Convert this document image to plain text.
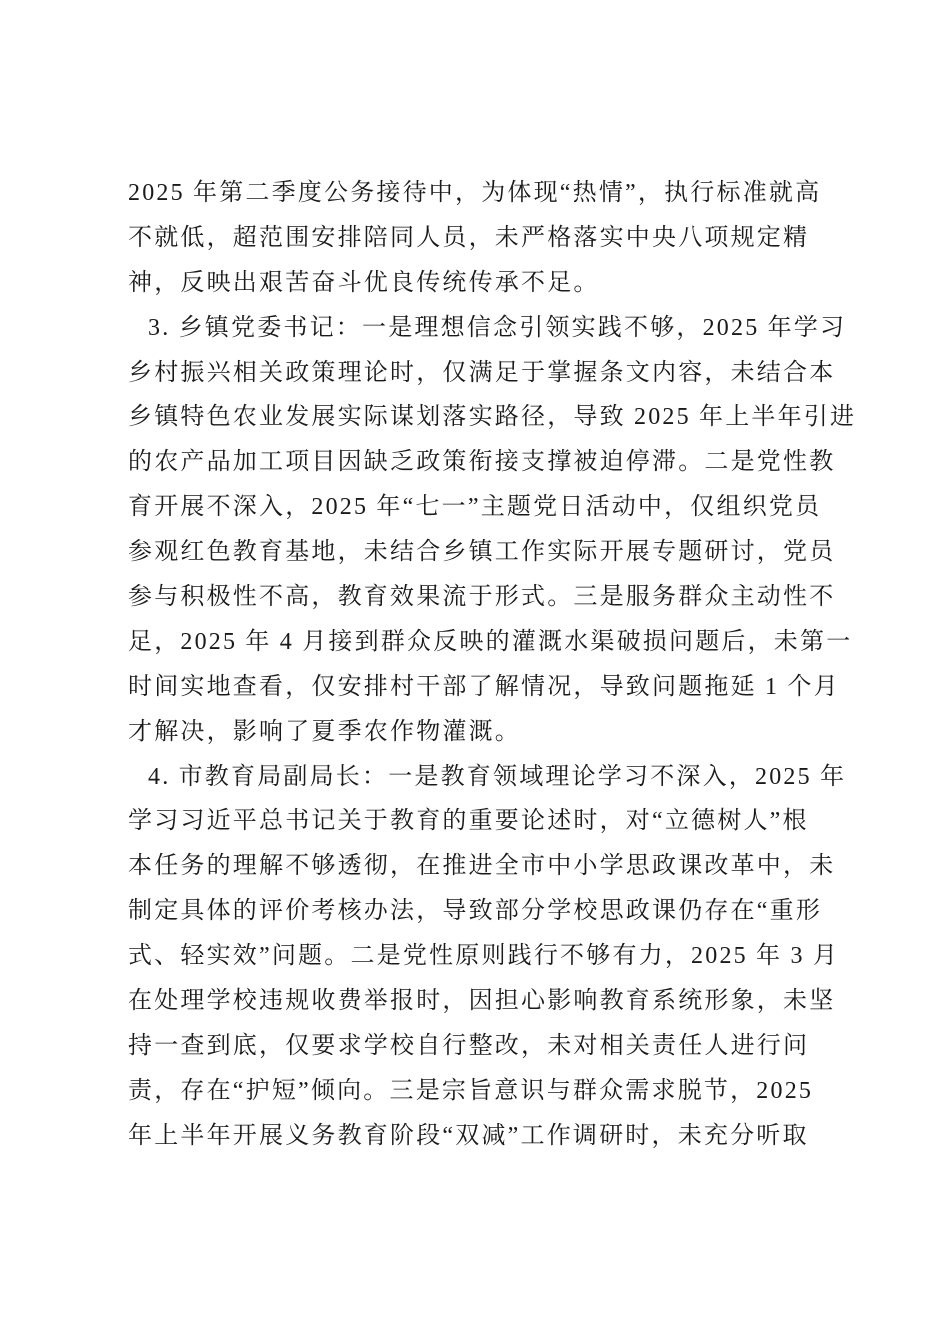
2025 年第二季度公务接待中，为体现“热情”，执行标准就高
不就低，超范围安排陪同人员，未严格落实中央八项规定精
神，反映出艰苦奋斗优良传统传承不足。
3. 乡镇党委书记：一是理想信念引领实践不够，2025 年学习
乡村振兴相关政策理论时，仅满足于掌握条文内容，未结合本
乡镇特色农业发展实际谋划落实路径，导致 2025 年上半年引进
的农产品加工项目因缺乏政策衔接支撑被迫停滞。二是党性教
育开展不深入，2025 年“七一”主题党日活动中，仅组织党员
参观红色教育基地，未结合乡镇工作实际开展专题研讨，党员
参与积极性不高，教育效果流于形式。三是服务群众主动性不
足，2025 年 4 月接到群众反映的灌溉水渠破损问题后，未第一
时间实地查看，仅安排村干部了解情况，导致问题拖延 1 个月
才解决，影响了夏季农作物灌溉。
4. 市教育局副局长：一是教育领域理论学习不深入，2025 年
学习习近平总书记关于教育的重要论述时，对“立德树人”根
本任务的理解不够透彻，在推进全市中小学思政课改革中，未
制定具体的评价考核办法，导致部分学校思政课仍存在“重形
式、轻实效”问题。二是党性原则践行不够有力，2025 年 3 月
在处理学校违规收费举报时，因担心影响教育系统形象，未坚
持一查到底，仅要求学校自行整改，未对相关责任人进行问
责，存在“护短”倾向。三是宗旨意识与群众需求脱节，2025
年上半年开展义务教育阶段“双减”工作调研时，未充分听取
